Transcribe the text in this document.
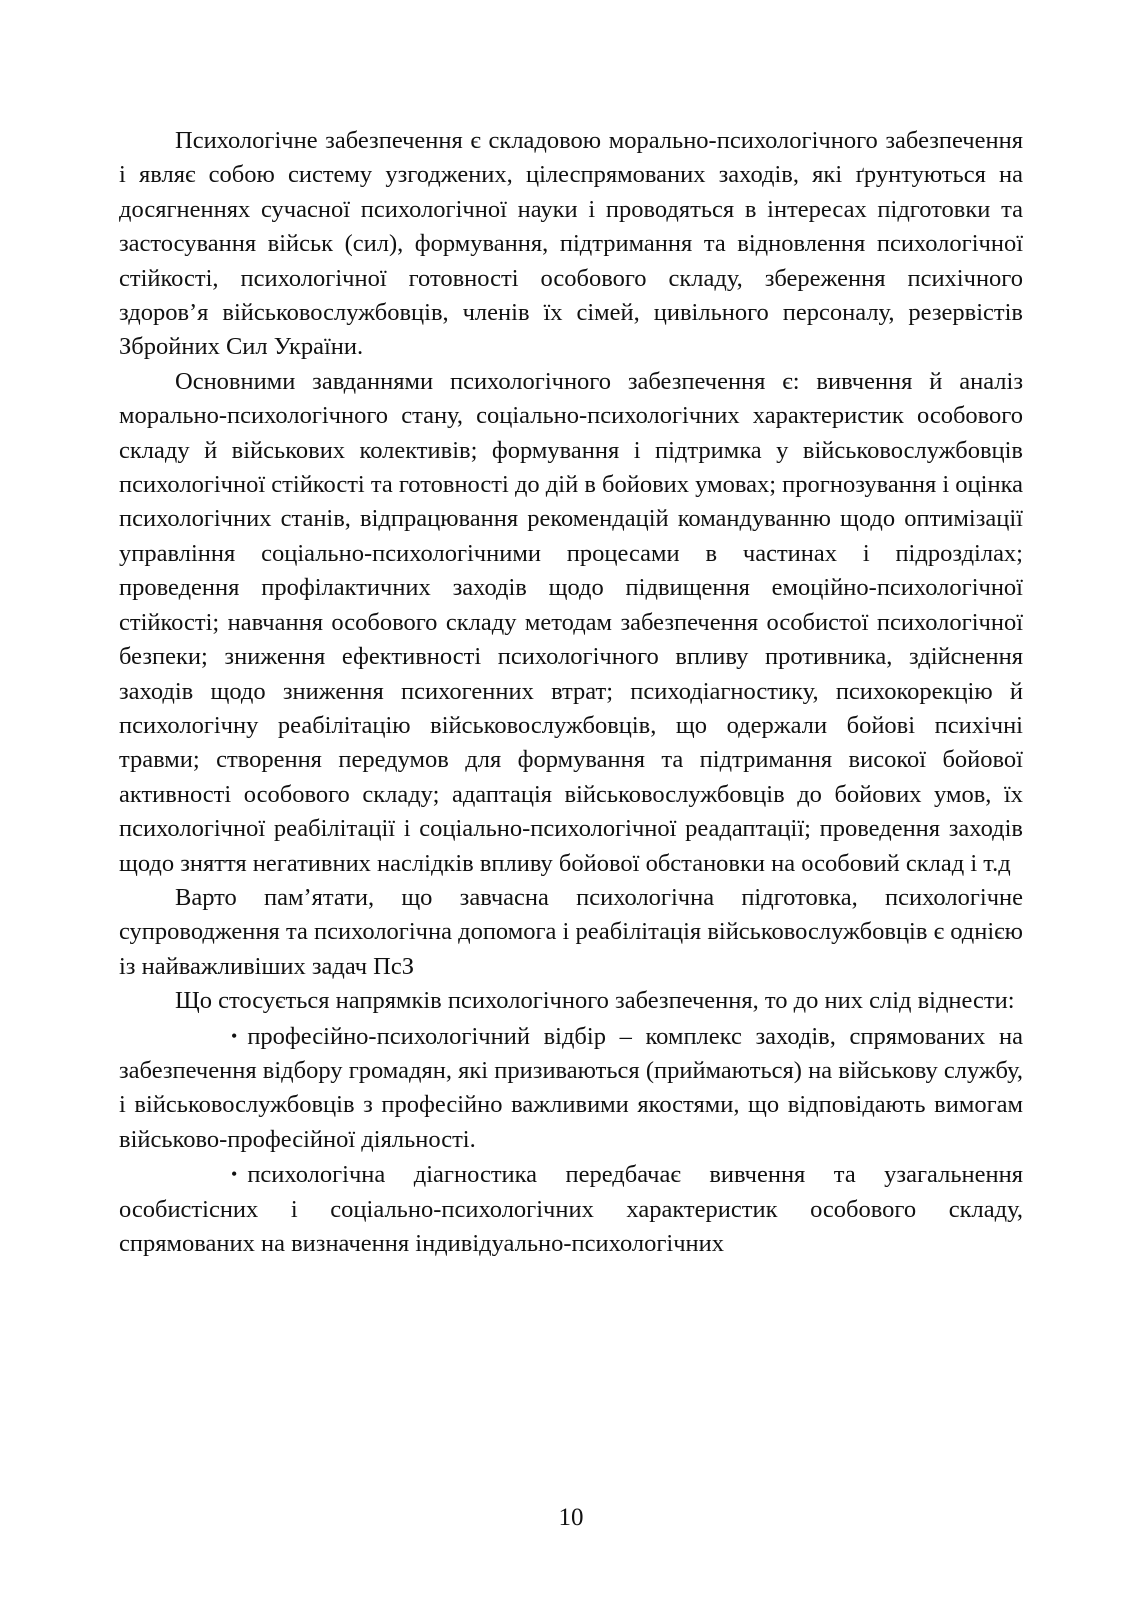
Психологічне забезпечення є складовою морально-психологічного забезпечення і являє собою систему узгоджених, цілеспрямованих заходів, які ґрунтуються на досягненнях сучасної психологічної науки і проводяться в інтересах підготовки та застосування військ (сил), формування, підтримання та відновлення психологічної стійкості, психологічної готовності особового складу, збереження психічного здоров’я військовослужбовців, членів їх сімей, цивільного персоналу, резервістів Збройних Сил України.

Основними завданнями психологічного забезпечення є: вивчення й аналіз морально-психологічного стану, соціально-психологічних характеристик особового складу й військових колективів; формування і підтримка у військовослужбовців психологічної стійкості та готовності до дій в бойових умовах; прогнозування і оцінка психологічних станів, відпрацювання рекомендацій командуванню щодо оптимізації управління соціально-психологічними процесами в частинах і підрозділах; проведення профілактичних заходів щодо підвищення емоційно-психологічної стійкості; навчання особового складу методам забезпечення особистої психологічної безпеки; зниження ефективності психологічного впливу противника, здійснення заходів щодо зниження психогенних втрат; психодіагностику, психокорекцію й психологічну реабілітацію військовослужбовців, що одержали бойові психічні травми; створення передумов для формування та підтримання високої бойової активності особового складу; адаптація військовослужбовців до бойових умов, їх психологічної реабілітації і соціально-психологічної реадаптації; проведення заходів щодо зняття негативних наслідків впливу бойової обстановки на особовий склад і т.д

Варто пам’ятати, що завчасна психологічна підготовка, психологічне супроводження та психологічна допомога і реабілітація військовослужбовців є однією із найважливіших задач ПсЗ

Що стосується напрямків психологічного забезпечення, то до них слід віднести:

• професійно-психологічний відбір – комплекс заходів, спрямованих на забезпечення відбору громадян, які призиваються (приймаються) на військову службу, і військовослужбовців з професійно важливими якостями, що відповідають вимогам військово-професійної діяльності.

• психологічна діагностика передбачає вивчення та узагальнення особистісних і соціально-психологічних характеристик особового складу, спрямованих на визначення індивідуально-психологічних

10
